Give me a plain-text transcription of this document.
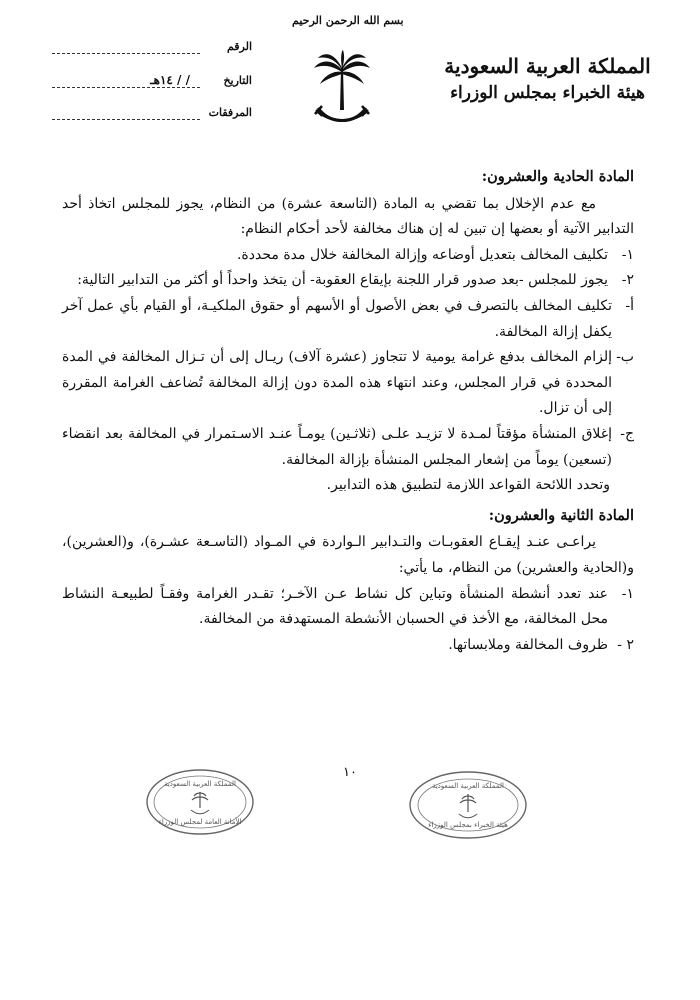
بسم الله الرحمن الرحيم
المملكة العربية السعودية
هيئة الخبراء بمجلس الوزراء
الرقم
التاريخ
/ / ١٤هـ
المرفقات
المادة الحادية والعشرون:

مع عدم الإخلال بما تقضي به المادة (التاسعة عشرة) من النظام، يجوز للمجلس اتخاذ أحد التدابير الآتية أو بعضها إن تبين له إن هناك مخالفة لأحد أحكام النظام:

١-
تكليف المخالف بتعديل أوضاعه وإزالة المخالفة خلال مدة محددة.
٢-
يجوز للمجلس -بعد صدور قرار اللجنة بإيقاع العقوبة- أن يتخذ واحداً أو أكثر من التدابير التالية:
أ-
تكليف المخالف بالتصرف في بعض الأصول أو الأسهم أو حقوق الملكيـة، أو القيام بأي عمل آخر يكفل إزالة المخالفة.
ب-
إلزام المخالف بدفع غرامة يومية لا تتجاوز (عشرة آلاف) ريـال إلى أن تـزال المخالفة في المدة المحددة في قرار المجلس، وعند انتهاء هذه المدة دون إزالة المخالفة تُضاعف الغرامة المقررة إلى أن تزال.
ج-
إغلاق المنشأة مؤقتاً لمـدة لا تزيـد علـى (ثلاثـين) يومـاً عنـد الاسـتمرار في المخالفة بعد انقضاء (تسعين) يوماً من إشعار المجلس المنشأة بإزالة المخالفة.

وتحدد اللائحة القواعد اللازمة لتطبيق هذه التدابير.

المادة الثانية والعشرون:

يراعـى عنـد إيقـاع العقوبـات والتـدابير الـواردة في المـواد (التاسـعة عشـرة)، و(العشرين)، و(الحادية والعشرين) من النظام، ما يأتي:

١-
عند تعدد أنشطة المنشأة وتباين كل نشاط عـن الآخـر؛ تقـدر الغرامة وفقـاً لطبيعـة النشاط محل المخالفة، مع الأخذ في الحسبان الأنشطة المستهدفة من المخالفة.
٢ -
ظروف المخالفة وملابساتها.
١٠
المملكة العربية السعودية
الأمانة العامة لمجلس الوزراء
المملكة العربية السعودية
هيئة الخبراء بمجلس الوزراء
